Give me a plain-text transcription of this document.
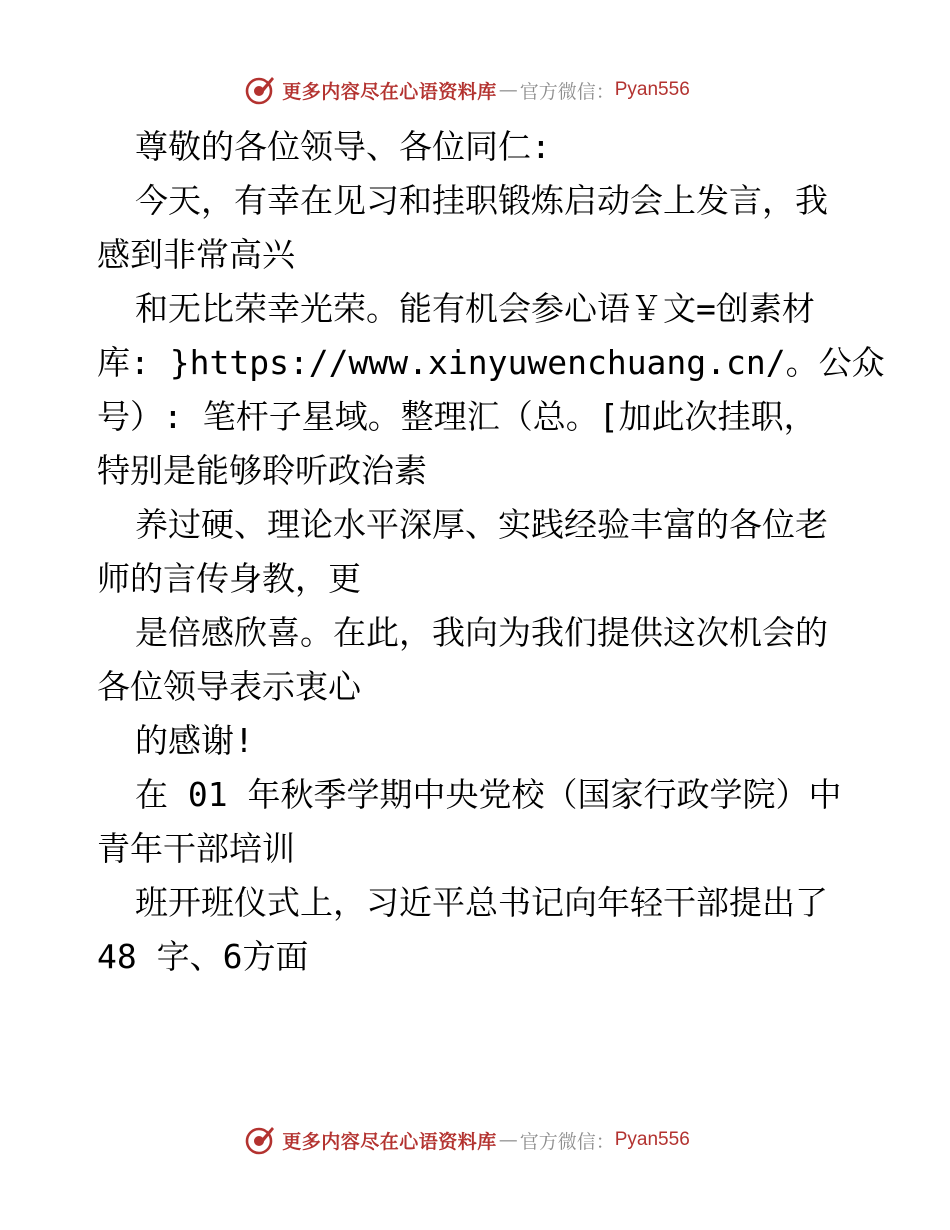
更多内容尽在心语资料库 — 官方微信： Pyan556
尊敬的各位领导、各位同仁:
今天，有幸在见习和挂职锻炼启动会上发言，我
感到非常高兴
和无比荣幸光荣。能有机会参心语￥文=创素材
库: }https://www.xinyuwenchuang.cn/。公众
号）: 笔杆子星域。整理汇（总。[加此次挂职，
特别是能够聆听政治素
养过硬、理论水平深厚、实践经验丰富的各位老
师的言传身教，更
是倍感欣喜。在此，我向为我们提供这次机会的
各位领导表示衷心
的感谢!
在 01 年秋季学期中央党校（国家行政学院）中
青年干部培训
班开班仪式上，习近平总书记向年轻干部提出了
48 字、6方面
更多内容尽在心语资料库 — 官方微信： Pyan556
